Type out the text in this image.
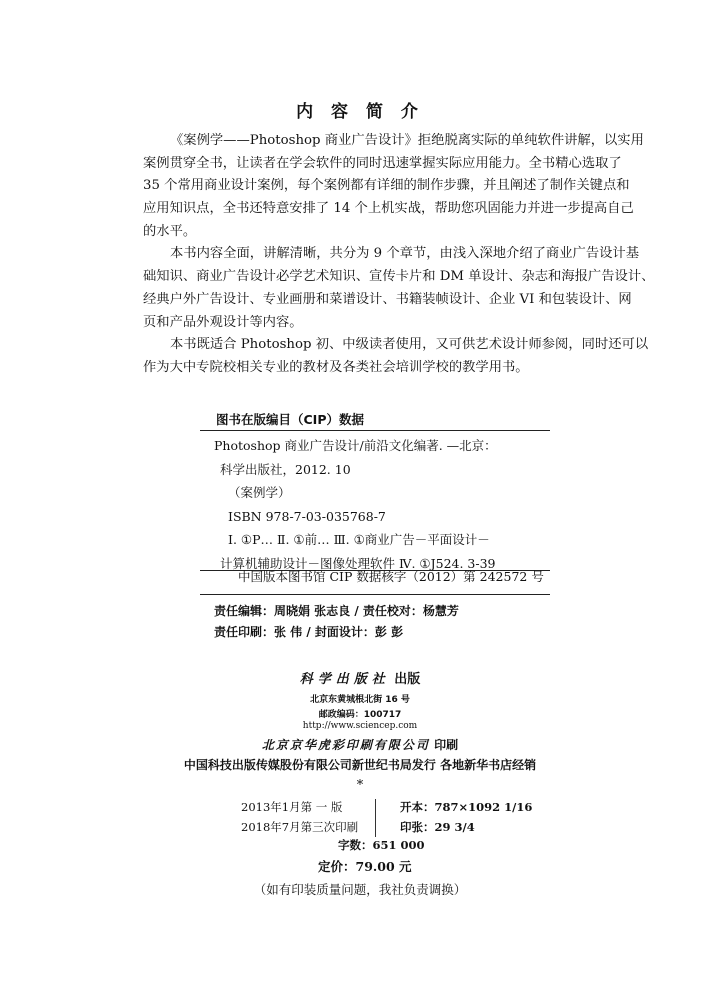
内 容 简 介
《案例学——Photoshop 商业广告设计》拒绝脱离实际的单纯软件讲解，以实用
案例贯穿全书，让读者在学会软件的同时迅速掌握实际应用能力。全书精心选取了
35 个常用商业设计案例，每个案例都有详细的制作步骤，并且阐述了制作关键点和
应用知识点，全书还特意安排了 14 个上机实战，帮助您巩固能力并进一步提高自己
的水平。
本书内容全面，讲解清晰，共分为 9 个章节，由浅入深地介绍了商业广告设计基
础知识、商业广告设计必学艺术知识、宣传卡片和 DM 单设计、杂志和海报广告设计、
经典户外广告设计、专业画册和菜谱设计、书籍装帧设计、企业 VI 和包装设计、网
页和产品外观设计等内容。
本书既适合 Photoshop 初、中级读者使用，又可供艺术设计师参阅，同时还可以
作为大中专院校相关专业的教材及各类社会培训学校的教学用书。
图书在版编目（CIP）数据
Photoshop 商业广告设计/前沿文化编著. —北京：
科学出版社，2012. 10
（案例学）
ISBN 978-7-03-035768-7
Ⅰ. ①P… Ⅱ. ①前… Ⅲ. ①商业广告－平面设计－
计算机辅助设计－图像处理软件 Ⅳ. ①J524. 3-39
中国版本图书馆 CIP 数据核字（2012）第 242572 号
责任编辑：周晓娟 张志良 / 责任校对：杨慧芳
责任印刷：张 伟 / 封面设计：彭 彭
科学出版社 出版
北京东黄城根北街 16 号
邮政编码：100717
http://www.sciencep.com
北京京华虎彩印刷有限公司 印刷
中国科技出版传媒股份有限公司新世纪书局发行 各地新华书店经销
*
2013年1月第 一 版
2018年7月第三次印刷
开本：787×1092 1/16
印张：29 3/4
字数：651 000
定价：79.00 元
（如有印装质量问题，我社负责调换）
